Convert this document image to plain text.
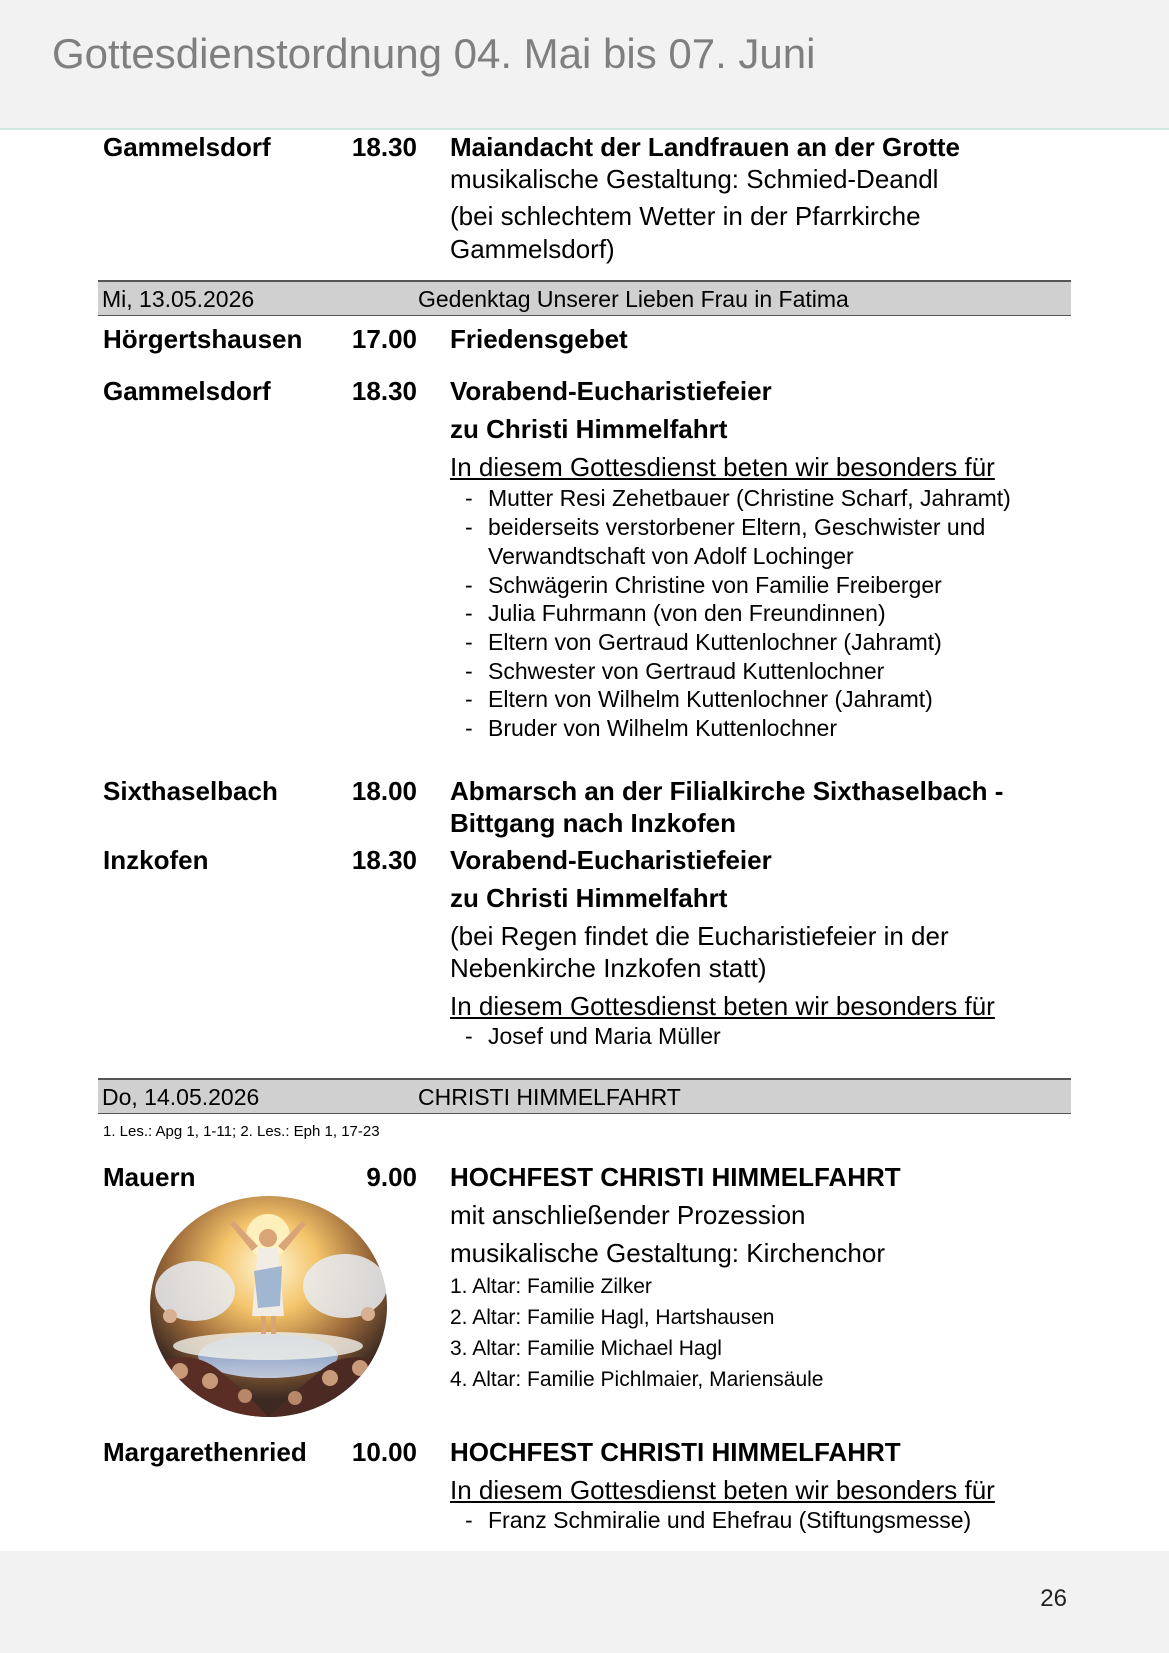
Gottesdienstordnung 04. Mai bis 07. Juni
Gammelsdorf	18.30 Maiandacht der Landfrauen an der Grotte
musikalische Gestaltung: Schmied-Deandl
(bei schlechtem Wetter in der Pfarrkirche
Gammelsdorf)
Mi, 13.05.2026	Gedenktag Unserer Lieben Frau in Fatima
Hörgertshausen	17.00 Friedensgebet
Gammelsdorf	18.30 Vorabend-Eucharistiefeier
zu Christi Himmelfahrt
In diesem Gottesdienst beten wir besonders für
- Mutter Resi Zehetbauer (Christine Scharf, Jahramt)
- beiderseits verstorbener Eltern, Geschwister und
Verwandtschaft von Adolf Lochinger
- Schwägerin Christine von Familie Freiberger
- Julia Fuhrmann (von den Freundinnen)
- Eltern von Gertraud Kuttenlochner (Jahramt)
- Schwester von Gertraud Kuttenlochner
- Eltern von Wilhelm Kuttenlochner (Jahramt)
- Bruder von Wilhelm Kuttenlochner
Sixthaselbach	18.00 Abmarsch an der Filialkirche Sixthaselbach -
Bittgang nach Inzkofen
Inzkofen	18.30 Vorabend-Eucharistiefeier
zu Christi Himmelfahrt
(bei Regen findet die Eucharistiefeier in der
Nebenkirche Inzkofen statt)
In diesem Gottesdienst beten wir besonders für
- Josef und Maria Müller
Do, 14.05.2026	CHRISTI HIMMELFAHRT
1. Les.: Apg 1, 1-11; 2. Les.: Eph 1, 17-23
Mauern	9.00 HOCHFEST CHRISTI HIMMELFAHRT
mit anschließender Prozession
musikalische Gestaltung: Kirchenchor
1. Altar: Familie Zilker
2. Altar: Familie Hagl, Hartshausen
3. Altar: Familie Michael Hagl
4. Altar: Familie Pichlmaier, Mariensäule
Margarethenried	10.00 HOCHFEST CHRISTI HIMMELFAHRT
In diesem Gottesdienst beten wir besonders für
- Franz Schmiralie und Ehefrau (Stiftungsmesse)
26
